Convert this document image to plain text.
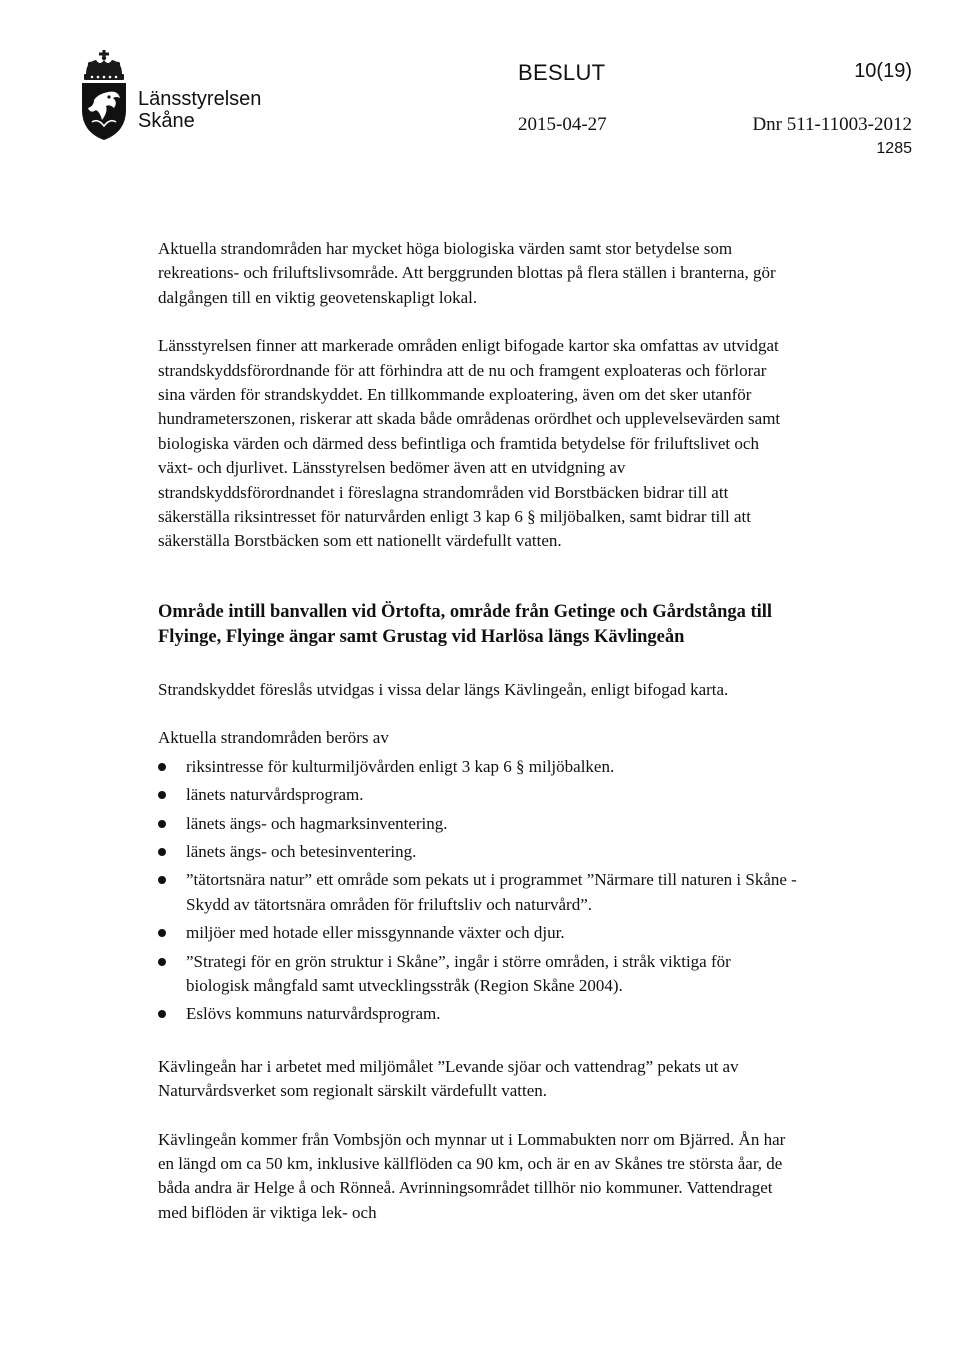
Länsstyrelsen
Skåne
BESLUT	10(19)
2015-04-27	Dnr 511-11003-2012
1285

Aktuella strandområden har mycket höga biologiska värden samt stor betydelse som rekreations- och friluftslivsområde. Att berggrunden blottas på flera ställen i branterna, gör dalgången till en viktig geovetenskapligt lokal.

Länsstyrelsen finner att markerade områden enligt bifogade kartor ska omfattas av utvidgat strandskyddsförordnande för att förhindra att de nu och framgent exploateras och förlorar sina värden för strandskyddet. En tillkommande exploatering, även om det sker utanför hundrameterszonen, riskerar att skada både områdenas orördhet och upplevelsevärden samt biologiska värden och därmed dess befintliga och framtida betydelse för friluftslivet och växt- och djurlivet. Länsstyrelsen bedömer även att en utvidgning av strandskyddsförordnandet i föreslagna strandområden vid Borstbäcken bidrar till att säkerställa riksintresset för naturvården enligt 3 kap 6 § miljöbalken, samt bidrar till att säkerställa Borstbäcken som ett nationellt värdefullt vatten.

Område intill banvallen vid Örtofta, område från Getinge och Gårdstånga till Flyinge, Flyinge ängar samt Grustag vid Harlösa längs Kävlingeån

Strandskyddet föreslås utvidgas i vissa delar längs Kävlingeån, enligt bifogad karta.

Aktuella strandområden berörs av

riksintresse för kulturmiljövården enligt 3 kap 6 § miljöbalken.
länets naturvårdsprogram.
länets ängs- och hagmarksinventering.
länets ängs- och betesinventering.
”tätortsnära natur” ett område som pekats ut i programmet ”Närmare till naturen i Skåne - Skydd av tätortsnära områden för friluftsliv och naturvård”.
miljöer med hotade eller missgynnande växter och djur.
”Strategi för en grön struktur i Skåne”, ingår i större områden, i stråk viktiga för biologisk mångfald samt utvecklingsstråk (Region Skåne 2004).
Eslövs kommuns naturvårdsprogram.

Kävlingeån har i arbetet med miljömålet ”Levande sjöar och vattendrag” pekats ut av Naturvårdsverket som regionalt särskilt värdefullt vatten.

Kävlingeån kommer från Vombsjön och mynnar ut i Lommabukten norr om Bjärred. Ån har en längd om ca 50 km, inklusive källflöden ca 90 km, och är en av Skånes tre största åar, de båda andra är Helge å och Rönneå. Avrinningsområdet tillhör nio kommuner. Vattendraget med biflöden är viktiga lek- och
